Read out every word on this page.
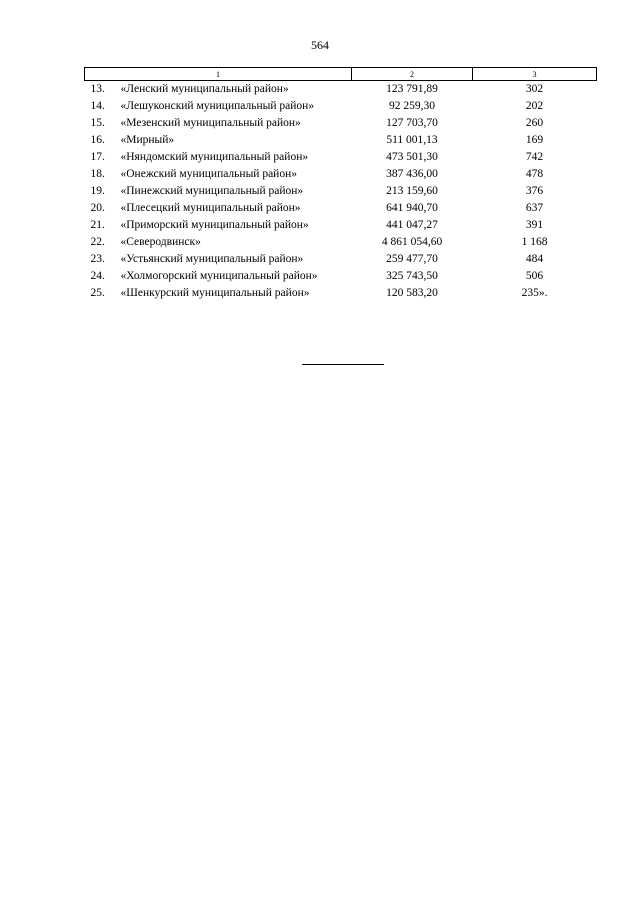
564
1	2	3
13. «Ленский муниципальный район»	123 791,89	302
14. «Лешуконский муниципальный район»	92 259,30	202
15. «Мезенский муниципальный район»	127 703,70	260
16. «Мирный»	511 001,13	169
17. «Няндомский муниципальный район»	473 501,30	742
18. «Онежский муниципальный район»	387 436,00	478
19. «Пинежский муниципальный район»	213 159,60	376
20. «Плесецкий муниципальный район»	641 940,70	637
21. «Приморский муниципальный район»	441 047,27	391
22. «Северодвинск»	4 861 054,60	1 168
23. «Устьянский муниципальный район»	259 477,70	484
24. «Холмогорский муниципальный район»	325 743,50	506
25. «Шенкурский муниципальный район»	120 583,20	235».
